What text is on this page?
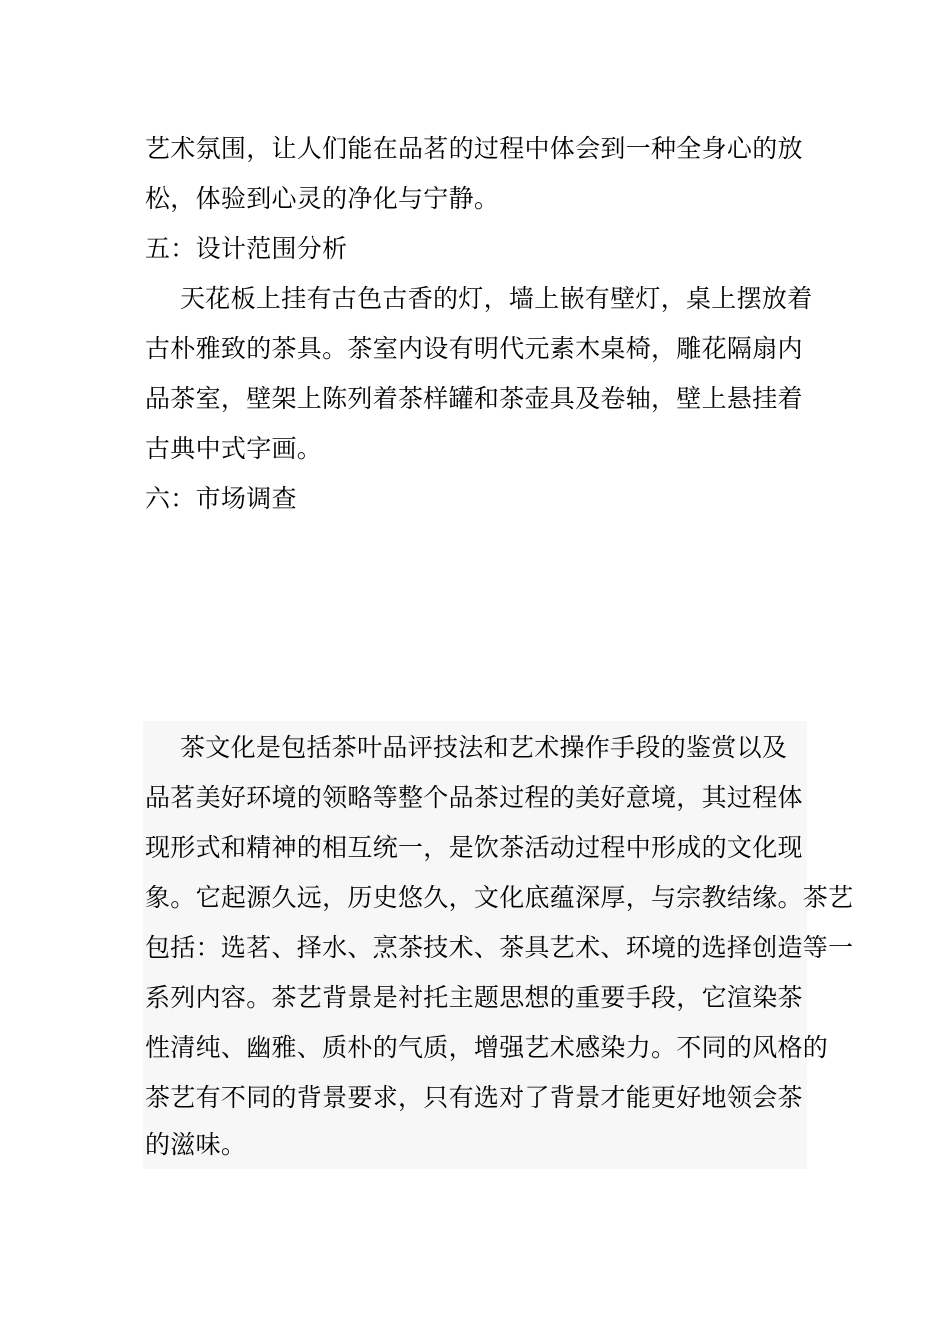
艺术氛围，让人们能在品茗的过程中体会到一种全身心的放
松，体验到心灵的净化与宁静。
五：设计范围分析
天花板上挂有古色古香的灯，墙上嵌有壁灯，桌上摆放着
古朴雅致的茶具。茶室内设有明代元素木桌椅，雕花隔扇内
品茶室，壁架上陈列着茶样罐和茶壶具及卷轴，壁上悬挂着
古典中式字画。
六：市场调查
茶文化是包括茶叶品评技法和艺术操作手段的鉴赏以及
品茗美好环境的领略等整个品茶过程的美好意境，其过程体
现形式和精神的相互统一，是饮茶活动过程中形成的文化现
象。它起源久远，历史悠久，文化底蕴深厚，与宗教结缘。茶艺
包括：选茗、择水、烹茶技术、茶具艺术、环境的选择创造等一
系列内容。茶艺背景是衬托主题思想的重要手段，它渲染茶
性清纯、幽雅、质朴的气质，增强艺术感染力。不同的风格的
茶艺有不同的背景要求，只有选对了背景才能更好地领会茶
的滋味。
